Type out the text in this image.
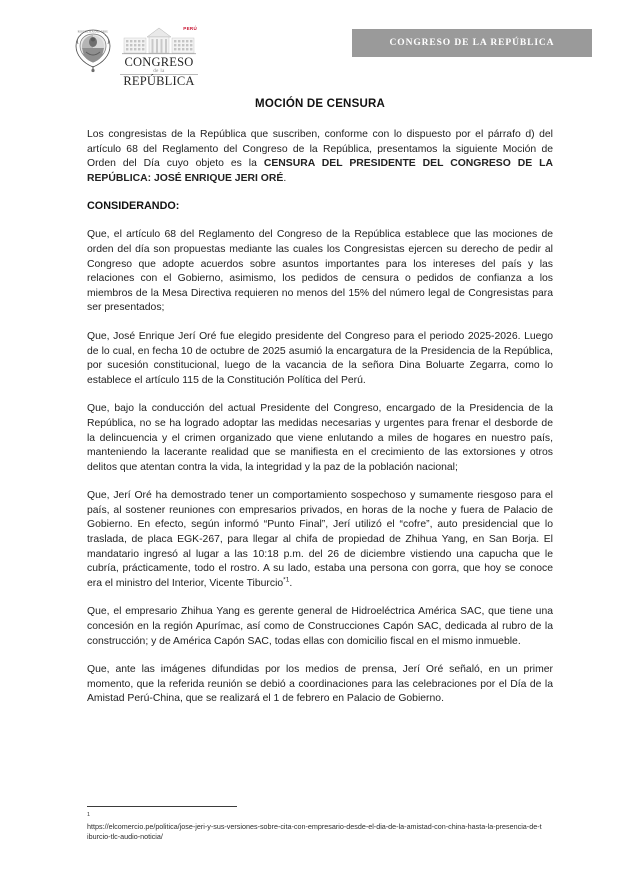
REPUBLICA DEL PERU
PERÚ
CONGRESO
de la
REPÚBLICA
CONGRESO DE LA REPÚBLICA
MOCIÓN DE CENSURA

Los congresistas de la República que suscriben, conforme con lo dispuesto por el párrafo d) del artículo 68 del Reglamento del Congreso de la República, presentamos la siguiente Moción de Orden del Día cuyo objeto es la CENSURA DEL PRESIDENTE DEL CONGRESO DE LA REPÚBLICA: JOSÉ ENRIQUE JERI ORÉ.

CONSIDERANDO:

Que, el artículo 68 del Reglamento del Congreso de la República establece que las mociones de orden del día son propuestas mediante las cuales los Congresistas ejercen su derecho de pedir al Congreso que adopte acuerdos sobre asuntos importantes para los intereses del país y las relaciones con el Gobierno, asimismo, los pedidos de censura o pedidos de confianza a los miembros de la Mesa Directiva requieren no menos del 15% del número legal de Congresistas para ser presentados;

Que, José Enrique Jerí Oré fue elegido presidente del Congreso para el periodo 2025-2026. Luego de lo cual, en fecha 10 de octubre de 2025 asumió la encargatura de la Presidencia de la República, por sucesión constitucional, luego de la vacancia de la señora Dina Boluarte Zegarra, como lo establece el artículo 115 de la Constitución Política del Perú.

Que, bajo la conducción del actual Presidente del Congreso, encargado de la Presidencia de la República, no se ha logrado adoptar las medidas necesarias y urgentes para frenar el desborde de la delincuencia y el crimen organizado que viene enlutando a miles de hogares en nuestro país, manteniendo la lacerante realidad que se manifiesta en el crecimiento de las extorsiones y otros delitos que atentan contra la vida, la integridad y la paz de la población nacional;

Que, Jerí Oré ha demostrado tener un comportamiento sospechoso y sumamente riesgoso para el país, al sostener reuniones con empresarios privados, en horas de la noche y fuera de Palacio de Gobierno. En efecto, según informó “Punto Final”, Jerí utilizó el “cofre”, auto presidencial que lo traslada, de placa EGK-267, para llegar al chifa de propiedad de Zhihua Yang, en San Borja. El mandatario ingresó al lugar a las 10:18 p.m. del 26 de diciembre vistiendo una capucha que le cubría, prácticamente, todo el rostro. A su lado, estaba una persona con gorra, que hoy se conoce era el ministro del Interior, Vicente Tiburcio$^{*1}$.

Que, el empresario Zhihua Yang es gerente general de Hidroeléctrica América SAC, que tiene una concesión en la región Apurímac, así como de Construcciones Capón SAC, dedicada al rubro de la construcción; y de América Capón SAC, todas ellas con domicilio fiscal en el mismo inmueble.

Que, ante las imágenes difundidas por los medios de prensa, Jerí Oré señaló, en un primer momento, que la referida reunión se debió a coordinaciones para las celebraciones por el Día de la Amistad Perú-China, que se realizará el 1 de febrero en Palacio de Gobierno.

1
https://elcomercio.pe/politica/jose-jeri-y-sus-versiones-sobre-cita-con-empresario-desde-el-dia-de-la-amistad-con-china-hasta-la-presencia-de-tiburcio-tlc-audio-noticia/
